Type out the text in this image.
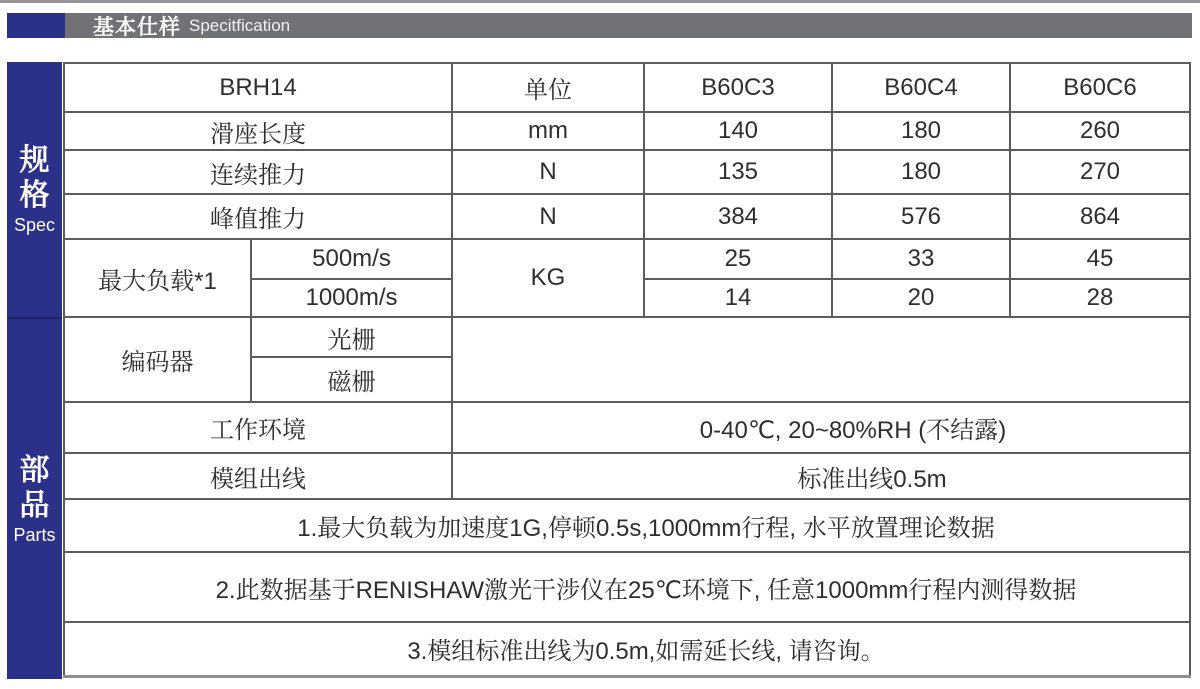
基本仕样 Specitfication
规格
Spec
部品
Parts
BRH14		单位	B60C3	B60C4	B60C6
滑座长度		mm	140	180	260
连续推力		N	135	180	270
峰值推力		N	384	576	864
最大负载*1	500m/s	KG	25	33	45
	1000m/s		14	20	28
编码器	光栅				
	磁栅				
工作环境		0-40℃, 20~80%RH (不结露)			
模组出线		标准出线0.5m			
1.最大负载为加速度1G,停顿0.5s,1000mm行程, 水平放置理论数据					
2.此数据基于RENISHAW激光干涉仪在25℃环境下, 任意1000mm行程内测得数据					
3.模组标准出线为0.5m,如需延长线, 请咨询。					
